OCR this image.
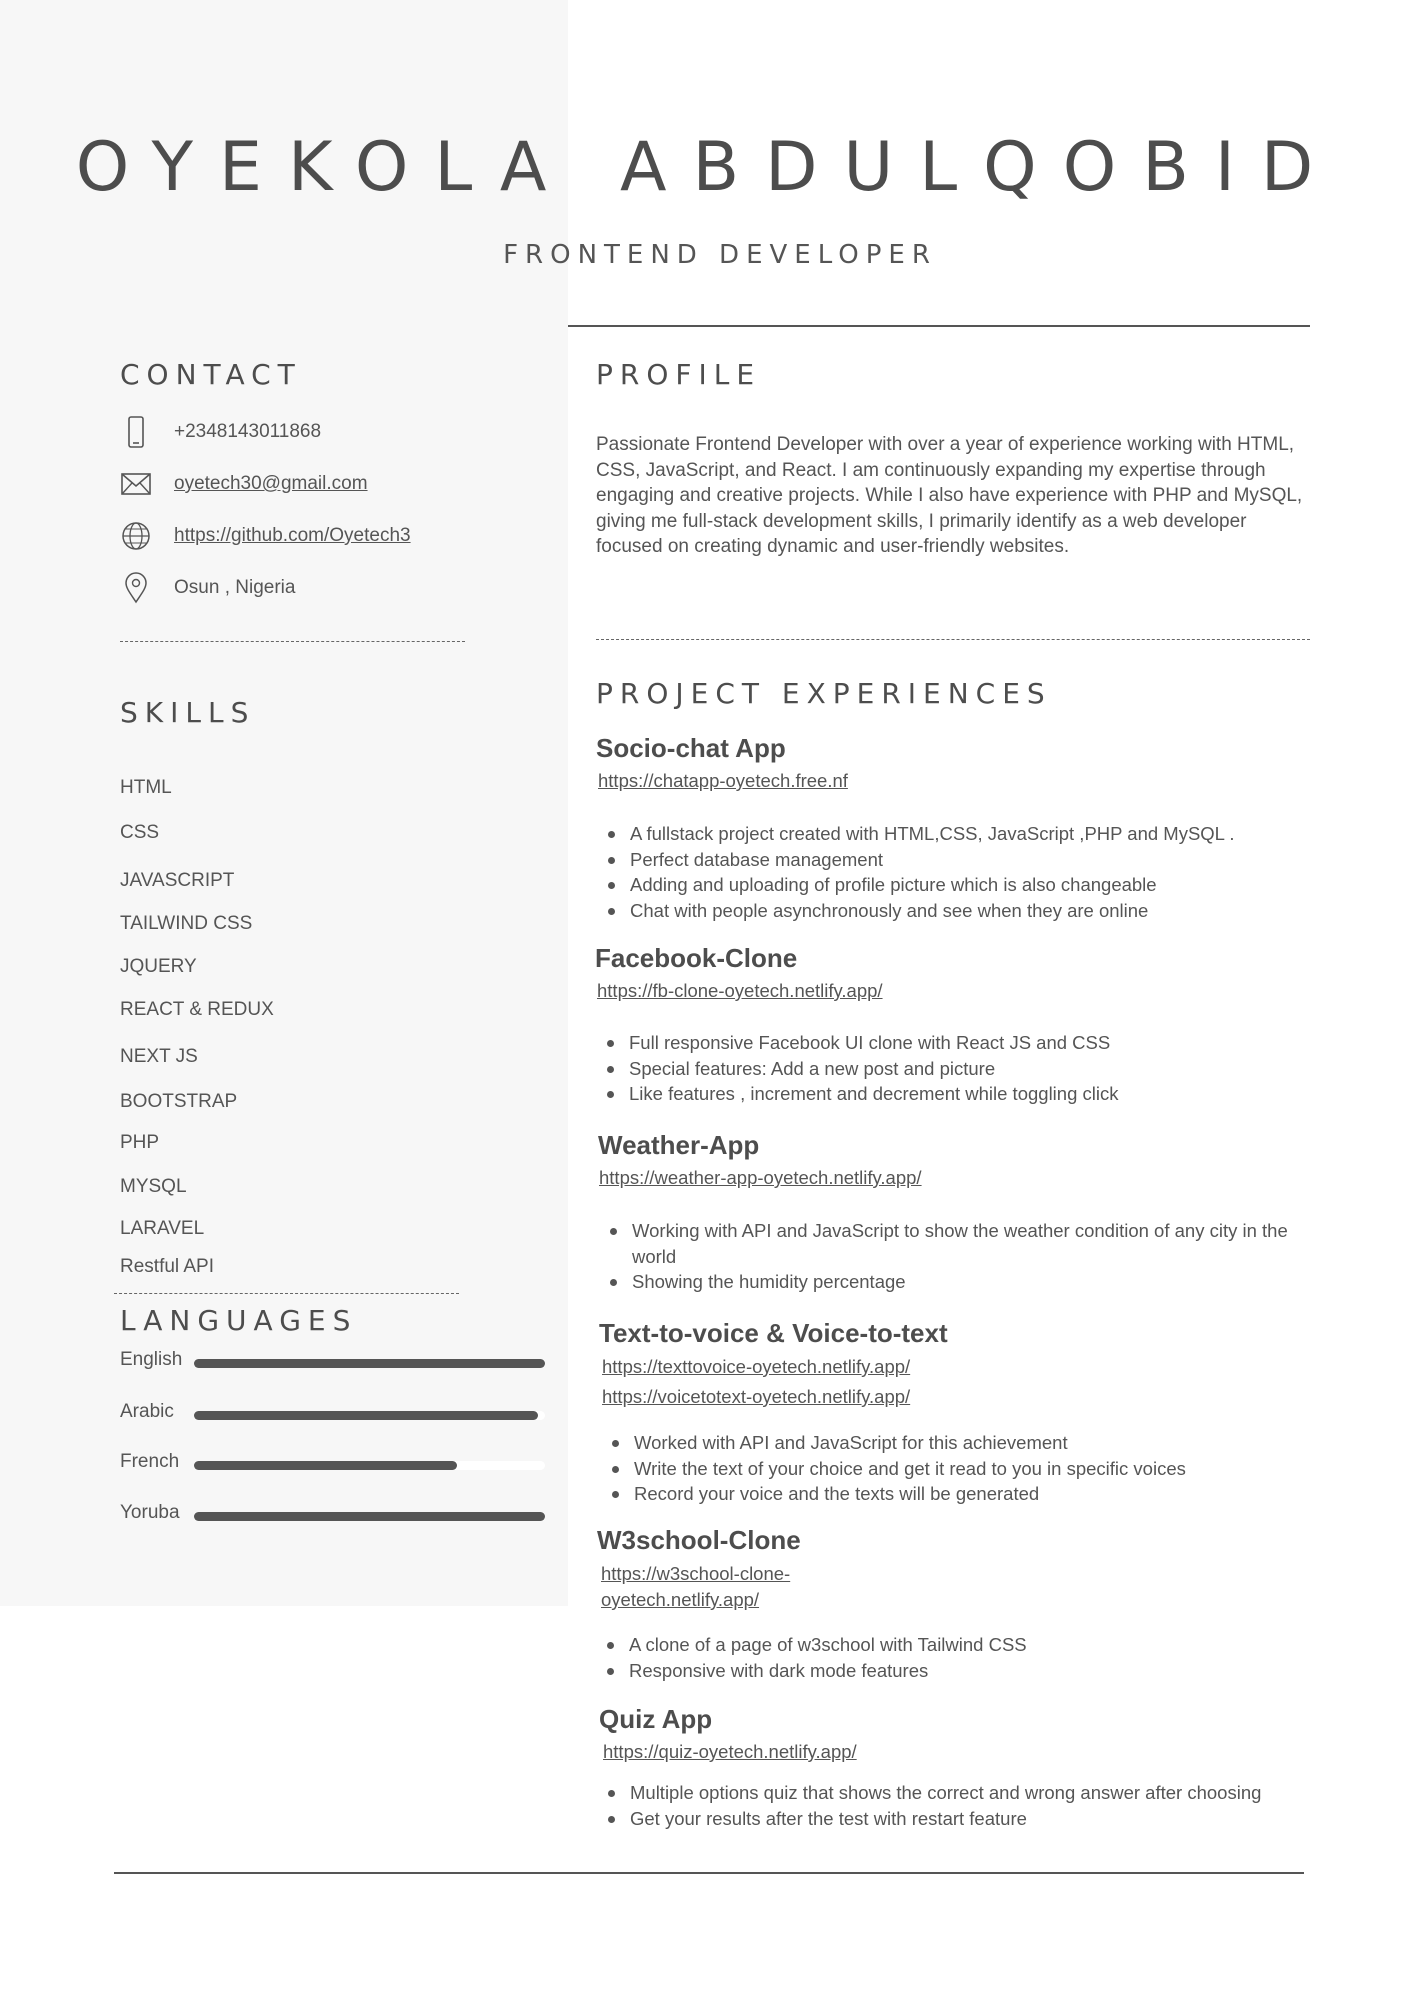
OYEKOLA ABDULQOBID
FRONTEND DEVELOPER
CONTACT
+2348143011868
oyetech30@gmail.com
https://github.com/Oyetech3
Osun , Nigeria
SKILLS
HTML
CSS
JAVASCRIPT
TAILWIND CSS
JQUERY
REACT & REDUX
NEXT JS
BOOTSTRAP
PHP
MYSQL
LARAVEL
Restful API
LANGUAGES
English
Arabic
French
Yoruba
PROFILE
Passionate Frontend Developer with over a year of experience working with HTML, CSS, JavaScript, and React. I am continuously expanding my expertise through engaging and creative projects. While I also have experience with PHP and MySQL, giving me full-stack development skills, I primarily identify as a web developer focused on creating dynamic and user-friendly websites.
PROJECT EXPERIENCES
Socio-chat App
https://chatapp-oyetech.free.nf
A fullstack project created with HTML,CSS, JavaScript ,PHP and MySQL .
Perfect database management
Adding and uploading of profile picture which is also changeable
Chat with people asynchronously and see when they are online
Facebook-Clone
https://fb-clone-oyetech.netlify.app/
Full responsive Facebook UI clone with React JS and CSS
Special features: Add a new post and picture
Like features , increment and decrement while toggling click
Weather-App
https://weather-app-oyetech.netlify.app/
Working with API and JavaScript to show the weather condition of any city in the world
Showing the humidity percentage
Text-to-voice & Voice-to-text
https://texttovoice-oyetech.netlify.app/
https://voicetotext-oyetech.netlify.app/
Worked with API and JavaScript for this achievement
Write the text of your choice and get it read to you in specific voices
Record your voice and the texts will be generated
W3school-Clone
https://w3school-clone-
oyetech.netlify.app/
A clone of a page of w3school with Tailwind CSS
Responsive with dark mode features
Quiz App
https://quiz-oyetech.netlify.app/
Multiple options quiz that shows the correct and wrong answer after choosing
Get your results after the test with restart feature
